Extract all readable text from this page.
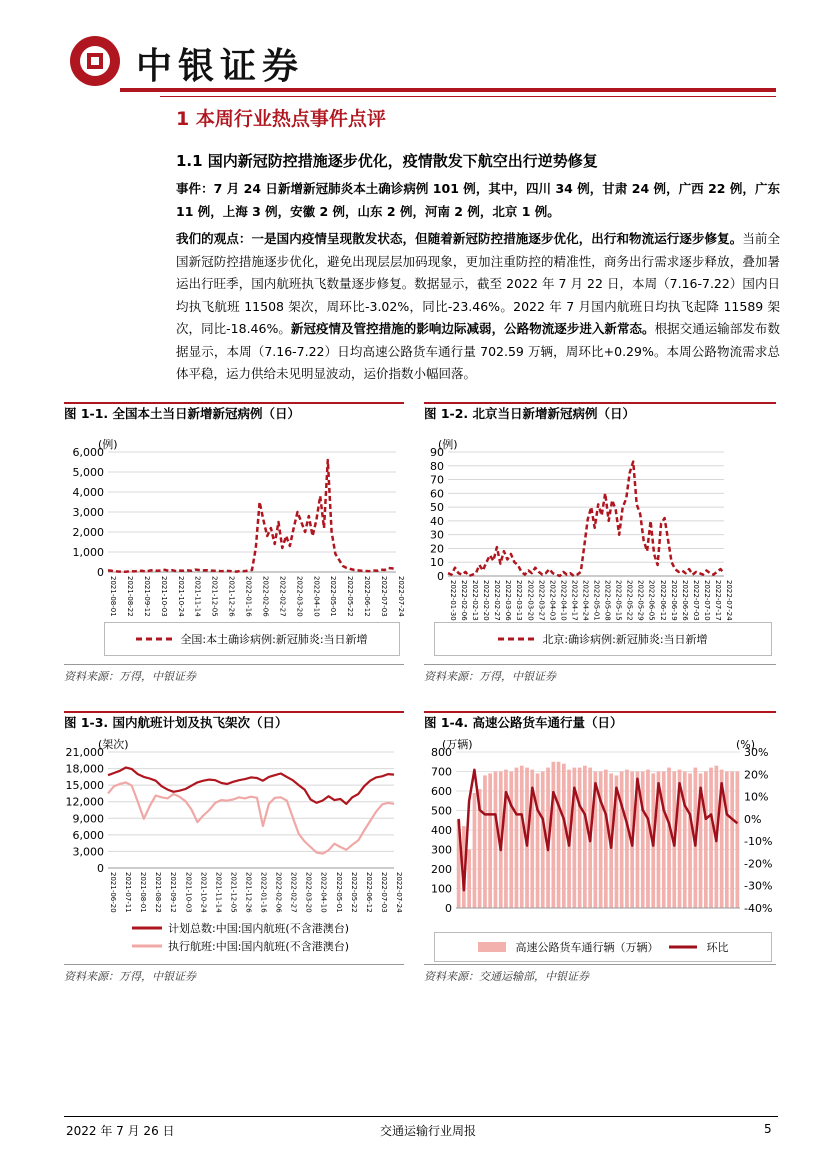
中银证券
1 本周行业热点事件点评
1.1 国内新冠防控措施逐步优化，疫情散发下航空出行逆势修复
事件：7 月 24 日新增新冠肺炎本土确诊病例 101 例，其中，四川 34 例，甘肃 24 例，广西 22 例，广东 11 例，上海 3 例，安徽 2 例，山东 2 例，河南 2 例，北京 1 例。
我们的观点：一是国内疫情呈现散发状态，但随着新冠防控措施逐步优化，出行和物流运行逐步修复。当前全国新冠防控措施逐步优化，避免出现层层加码现象，更加注重防控的精准性，商务出行需求逐步释放，叠加暑运出行旺季，国内航班执飞数量逐步修复。数据显示，截至 2022 年 7 月 22 日，本周（7.16-7.22）国内日均执飞航班 11508 架次，周环比-3.02%，同比-23.46%。2022 年 7 月国内航班日均执飞起降 11589 架次，同比-18.46%。新冠疫情及管控措施的影响边际减弱，公路物流逐步进入新常态。根据交通运输部发布数据显示，本周（7.16-7.22）日均高速公路货车通行量 702.59 万辆，周环比+0.29%。本周公路物流需求总体平稳，运力供给未见明显波动，运价指数小幅回落。
图 1-1. 全国本土当日新增新冠病例（日）
(例)
0
1,000
2,000
3,000
4,000
5,000
6,000
2021-08-01 2021-08-22 2021-09-12 2021-10-03 2021-10-24 2021-11-14 2021-12-05 2021-12-26 2022-01-16 2022-02-06 2022-02-27 2022-03-20 2022-04-10 2022-05-01 2022-05-22 2022-06-12 2022-07-03 2022-07-24
全国:本土确诊病例:新冠肺炎:当日新增
资料来源：万得，中银证券
图 1-2. 北京当日新增新冠病例（日）
(例)
0
10
20
30
40
50
60
70
80
90
2022-01-30 2022-02-06 2022-02-13 2022-02-20 2022-02-27 2022-03-06 2022-03-13 2022-03-20 2022-03-27 2022-04-03 2022-04-10 2022-04-17 2022-04-24 2022-05-01 2022-05-08 2022-05-15 2022-05-22 2022-05-29 2022-06-05 2022-06-12 2022-06-19 2022-06-26 2022-07-03 2022-07-10 2022-07-17 2022-07-24
北京:确诊病例:新冠肺炎:当日新增
资料来源：万得，中银证券
图 1-3. 国内航班计划及执飞架次（日）
(架次)
0
3,000
6,000
9,000
12,000
15,000
18,000
21,000
2021-06-20 2021-07-11 2021-08-01 2021-08-22 2021-09-12 2021-10-03 2021-10-24 2021-11-14 2021-12-05 2021-12-26 2022-01-16 2022-02-06 2022-02-27 2022-03-20 2022-04-10 2022-05-01 2022-05-22 2022-06-12 2022-07-03 2022-07-24
计划总数:中国:国内航班(不含港澳台)
执行航班:中国:国内航班(不含港澳台)
资料来源：万得，中银证券
图 1-4. 高速公路货车通行量（日）
(万辆)	(%)
0
100
200
300
400
500
600
700
800
-40%
-30%
-20%
-10%
0%
10%
20%
30%
高速公路货车通行辆（万辆）	环比
资料来源：交通运输部，中银证券
2022 年 7 月 26 日	交通运输行业周报	5
